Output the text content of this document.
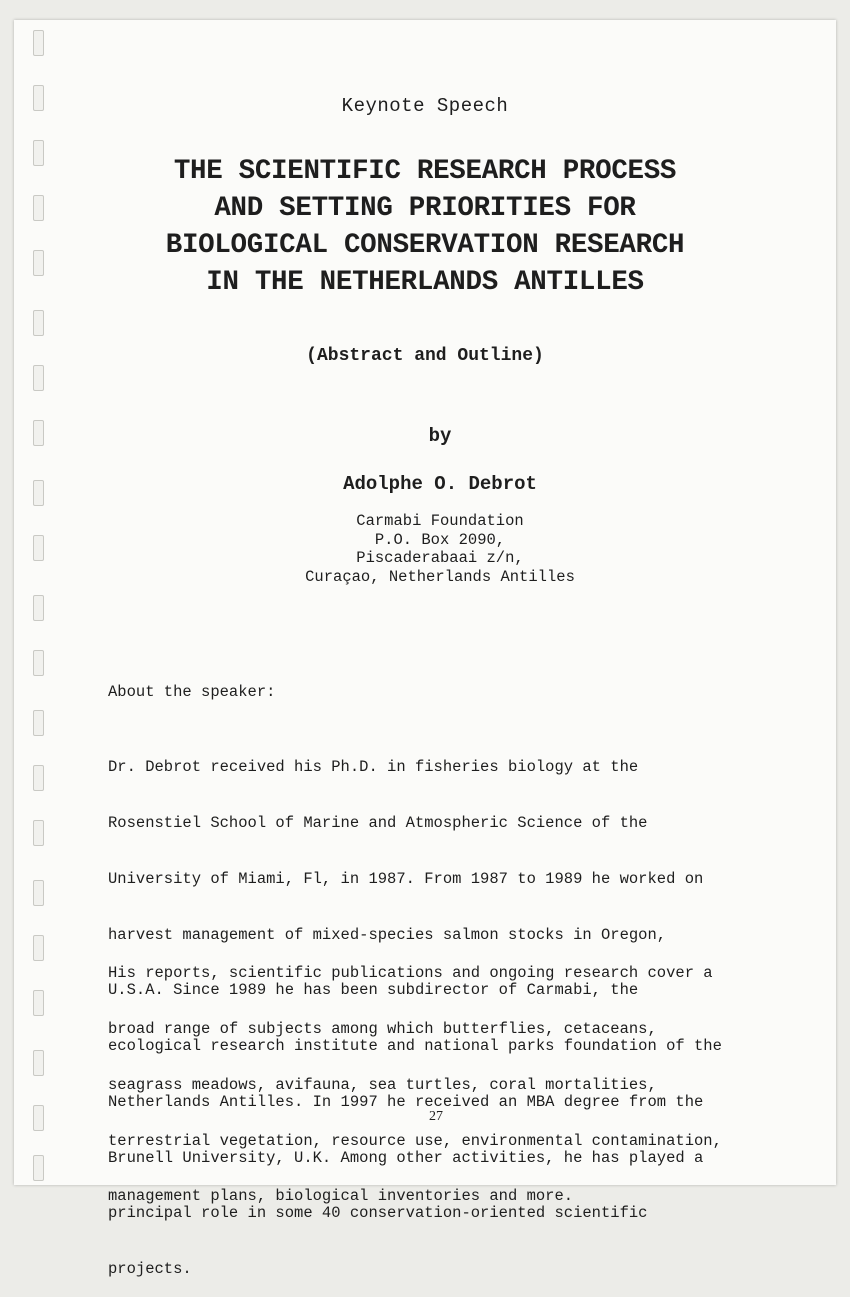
Keynote Speech
THE SCIENTIFIC RESEARCH PROCESS
AND SETTING PRIORITIES FOR
BIOLOGICAL CONSERVATION RESEARCH
IN THE NETHERLANDS ANTILLES
(Abstract and Outline)
by
Adolphe O. Debrot
Carmabi Foundation
P.O. Box 2090,
Piscaderabaai z/n,
Curaçao, Netherlands Antilles
About the speaker:

Dr. Debrot received his Ph.D. in fisheries biology at the

Rosenstiel School of Marine and Atmospheric Science of the

University of Miami, Fl, in 1987. From 1987 to 1989 he worked on

harvest management of mixed-species salmon stocks in Oregon,

U.S.A. Since 1989 he has been subdirector of Carmabi, the

ecological research institute and national parks foundation of the

Netherlands Antilles. In 1997 he received an MBA degree from the

Brunell University, U.K. Among other activities, he has played a

principal role in some 40 conservation-oriented scientific

projects.

His reports, scientific publications and ongoing research cover a

broad range of subjects among which butterflies, cetaceans,

seagrass meadows, avifauna, sea turtles, coral mortalities,

terrestrial vegetation, resource use, environmental contamination,

management plans, biological inventories and more.

27
